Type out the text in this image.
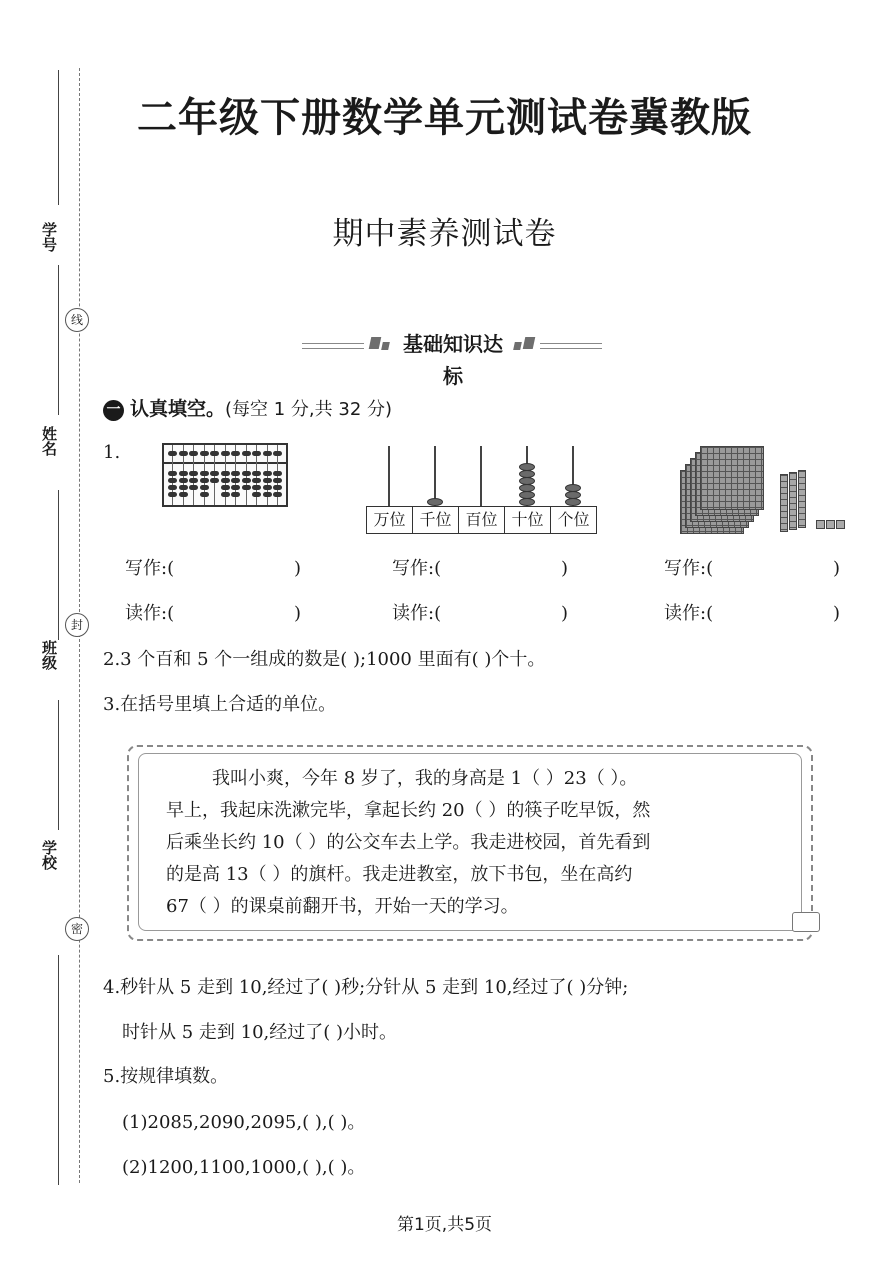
学号
线
姓名
封
班级
学校
密
二年级下册数学单元测试卷冀教版
期中素养测试卷
基础知识达标
一 认真填空。(每空 1 分,共 32 分)
1.
万位 千位 百位 十位 个位
写作:(	)	写作:(	)	写作:(	)
读作:(	)	读作:(	)	读作:(	)
2.3 个百和 5 个一组成的数是( );1000 里面有( )个十。
3.在括号里填上合适的单位。
我叫小爽，今年 8 岁了，我的身高是 1（ ）23（ ）。
早上，我起床洗漱完毕，拿起长约 20（ ）的筷子吃早饭，然
后乘坐长约 10（ ）的公交车去上学。我走进校园，首先看到
的是高 13（ ）的旗杆。我走进教室，放下书包，坐在高约
67（ ）的课桌前翻开书，开始一天的学习。
4.秒针从 5 走到 10,经过了( )秒;分针从 5 走到 10,经过了( )分钟;
时针从 5 走到 10,经过了( )小时。
5.按规律填数。
(1)2085,2090,2095,( ),( )。
(2)1200,1100,1000,( ),( )。
第1页,共5页
